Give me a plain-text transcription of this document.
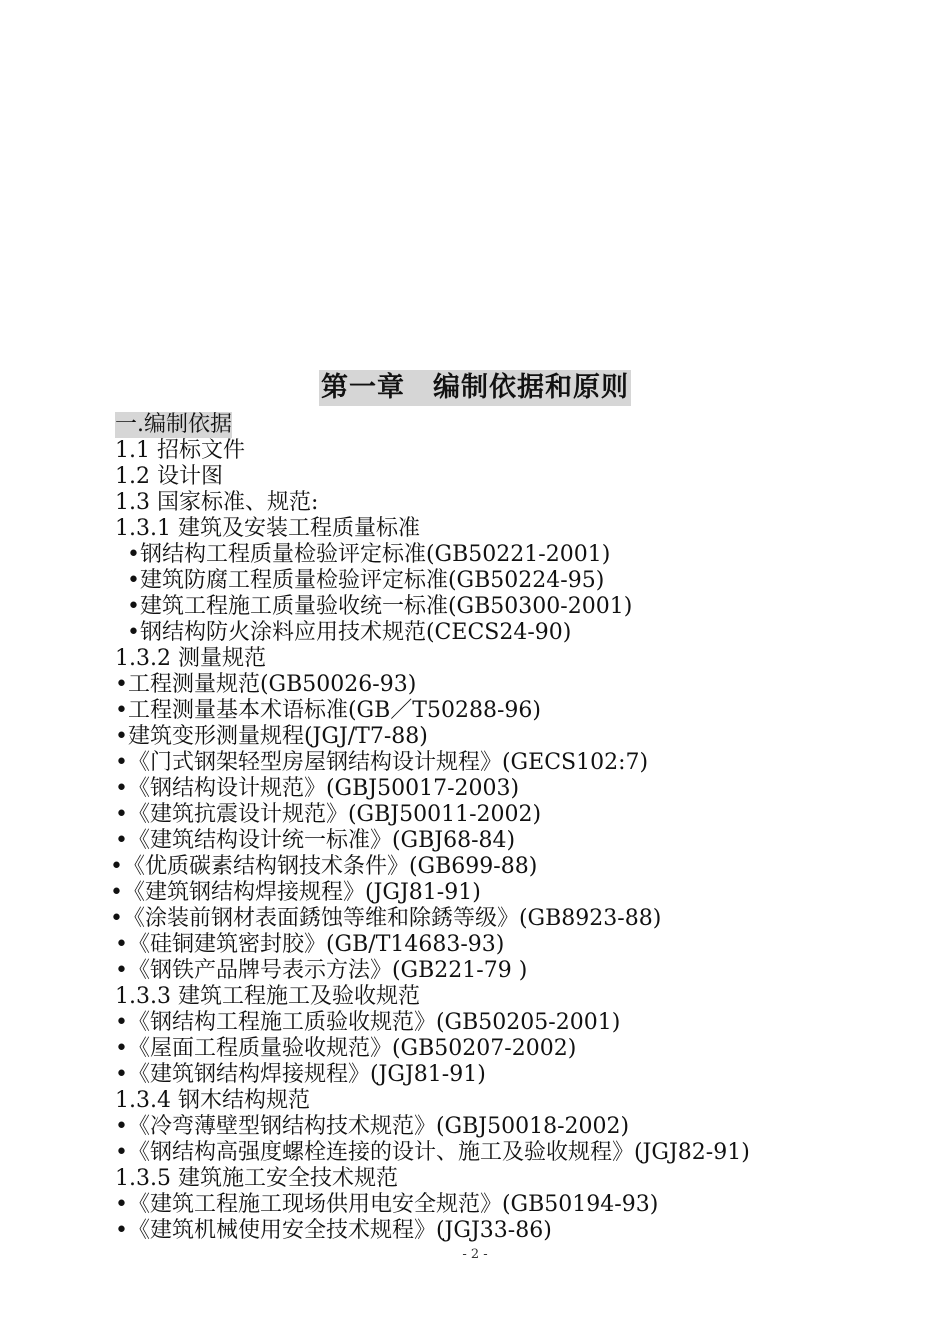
第一章　编制依据和原则
一.编制依据
1.1 招标文件
1.2 设计图
1.3 国家标准、规范:
1.3.1 建筑及安装工程质量标准
•钢结构工程质量检验评定标准(GB50221-2001)
•建筑防腐工程质量检验评定标准(GB50224-95)
•建筑工程施工质量验收统一标准(GB50300-2001)
•钢结构防火涂料应用技术规范(CECS24-90)
1.3.2 测量规范
•工程测量规范(GB50026-93)
•工程测量基本术语标准(GB／T50288-96)
•建筑变形测量规程(JGJ/T7-88)
•《门式钢架轻型房屋钢结构设计规程》(GECS102:7)
•《钢结构设计规范》(GBJ50017-2003)
•《建筑抗震设计规范》(GBJ50011-2002)
•《建筑结构设计统一标准》(GBJ68-84)
•《优质碳素结构钢技术条件》(GB699-88)
•《建筑钢结构焊接规程》(JGJ81-91)
•《涂装前钢材表面銹蚀等维和除銹等级》(GB8923-88)
•《硅铜建筑密封胶》(GB/T14683-93)
•《钢铁产品牌号表示方法》(GB221-79 )
1.3.3 建筑工程施工及验收规范
•《钢结构工程施工质验收规范》(GB50205-2001)
•《屋面工程质量验收规范》(GB50207-2002)
•《建筑钢结构焊接规程》(JGJ81-91)
1.3.4 钢木结构规范
•《冷弯薄壁型钢结构技术规范》(GBJ50018-2002)
•《钢结构高强度螺栓连接的设计、施工及验收规程》(JGJ82-91)
1.3.5 建筑施工安全技术规范
•《建筑工程施工现场供用电安全规范》(GB50194-93)
•《建筑机械使用安全技术规程》(JGJ33-86)
- 2 -
